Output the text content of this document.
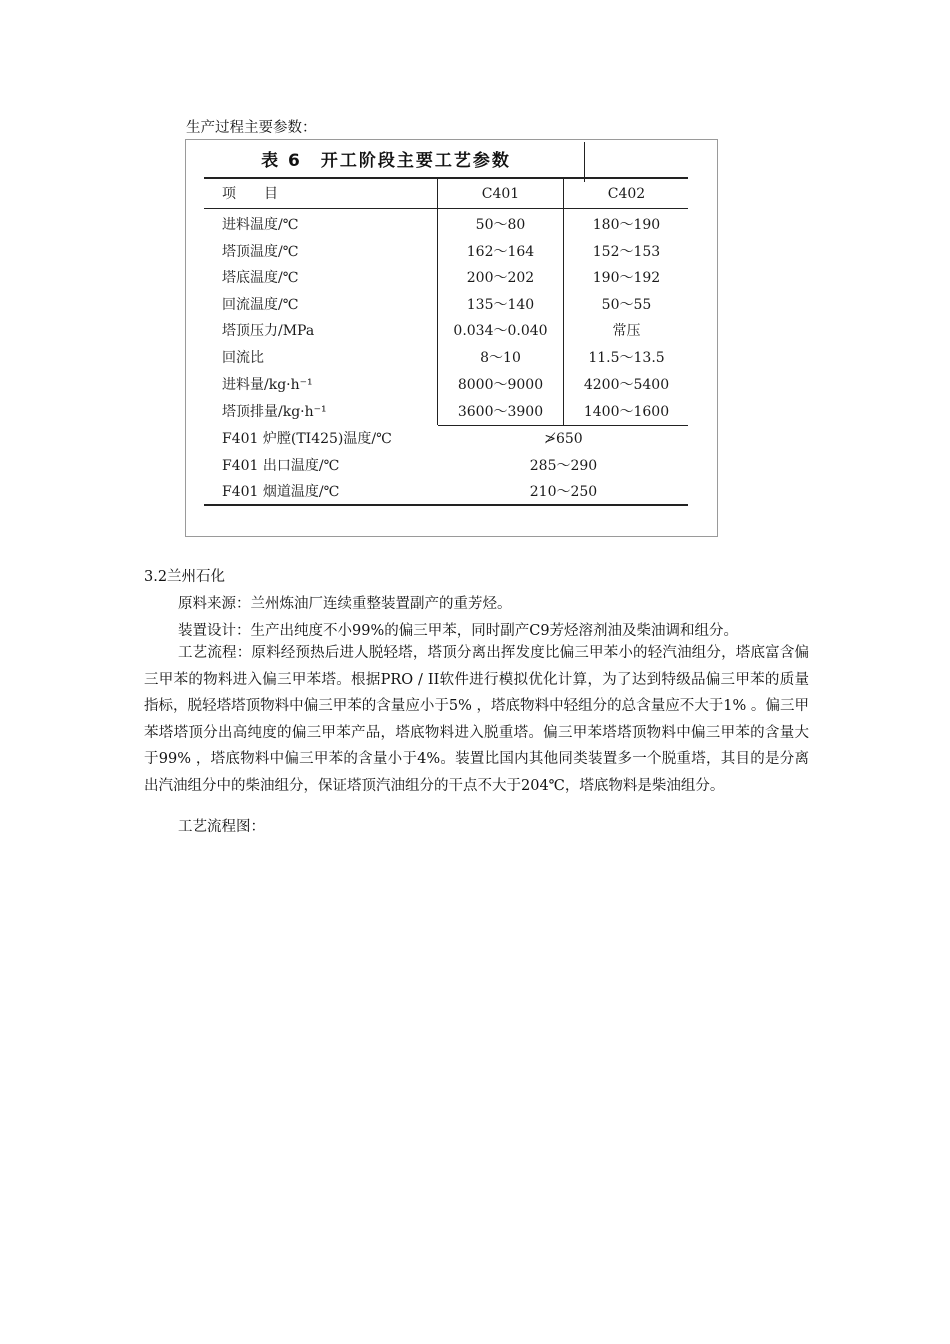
生产过程主要参数：
表 6　开工阶段主要工艺参数
项　　目	C401	C402
进料温度/℃	50～80	180～190
塔顶温度/℃	162～164	152～153
塔底温度/℃	200～202	190～192
回流温度/℃	135～140	50～55
塔顶压力/MPa	0.034～0.040	常压
回流比	8～10	11.5～13.5
进料量/kg·h⁻¹	8000～9000	4200～5400
塔顶排量/kg·h⁻¹	3600～3900	1400～1600
F401 炉膛(TI425)温度/℃	≯650
F401 出口温度/℃	285～290
F401 烟道温度/℃	210～250
3.2兰州石化
原料来源：兰州炼油厂连续重整装置副产的重芳烃。
装置设计：生产出纯度不小99%的偏三甲苯，同时副产C9芳烃溶剂油及柴油调和组分。
工艺流程：原料经预热后进人脱轻塔，塔顶分离出挥发度比偏三甲苯小的轻汽油组分，塔底富含偏三甲苯的物料进入偏三甲苯塔。根据PRO / II软件进行模拟优化计算，为了达到特级品偏三甲苯的质量指标，脱轻塔塔顶物料中偏三甲苯的含量应小于5% ，塔底物料中轻组分的总含量应不大于1% 。偏三甲苯塔塔顶分出高纯度的偏三甲苯产品，塔底物料进入脱重塔。偏三甲苯塔塔顶物料中偏三甲苯的含量大于99% ，塔底物料中偏三甲苯的含量小于4%。装置比国内其他同类装置多一个脱重塔，其目的是分离出汽油组分中的柴油组分，保证塔顶汽油组分的干点不大于204℃，塔底物料是柴油组分。
工艺流程图：
